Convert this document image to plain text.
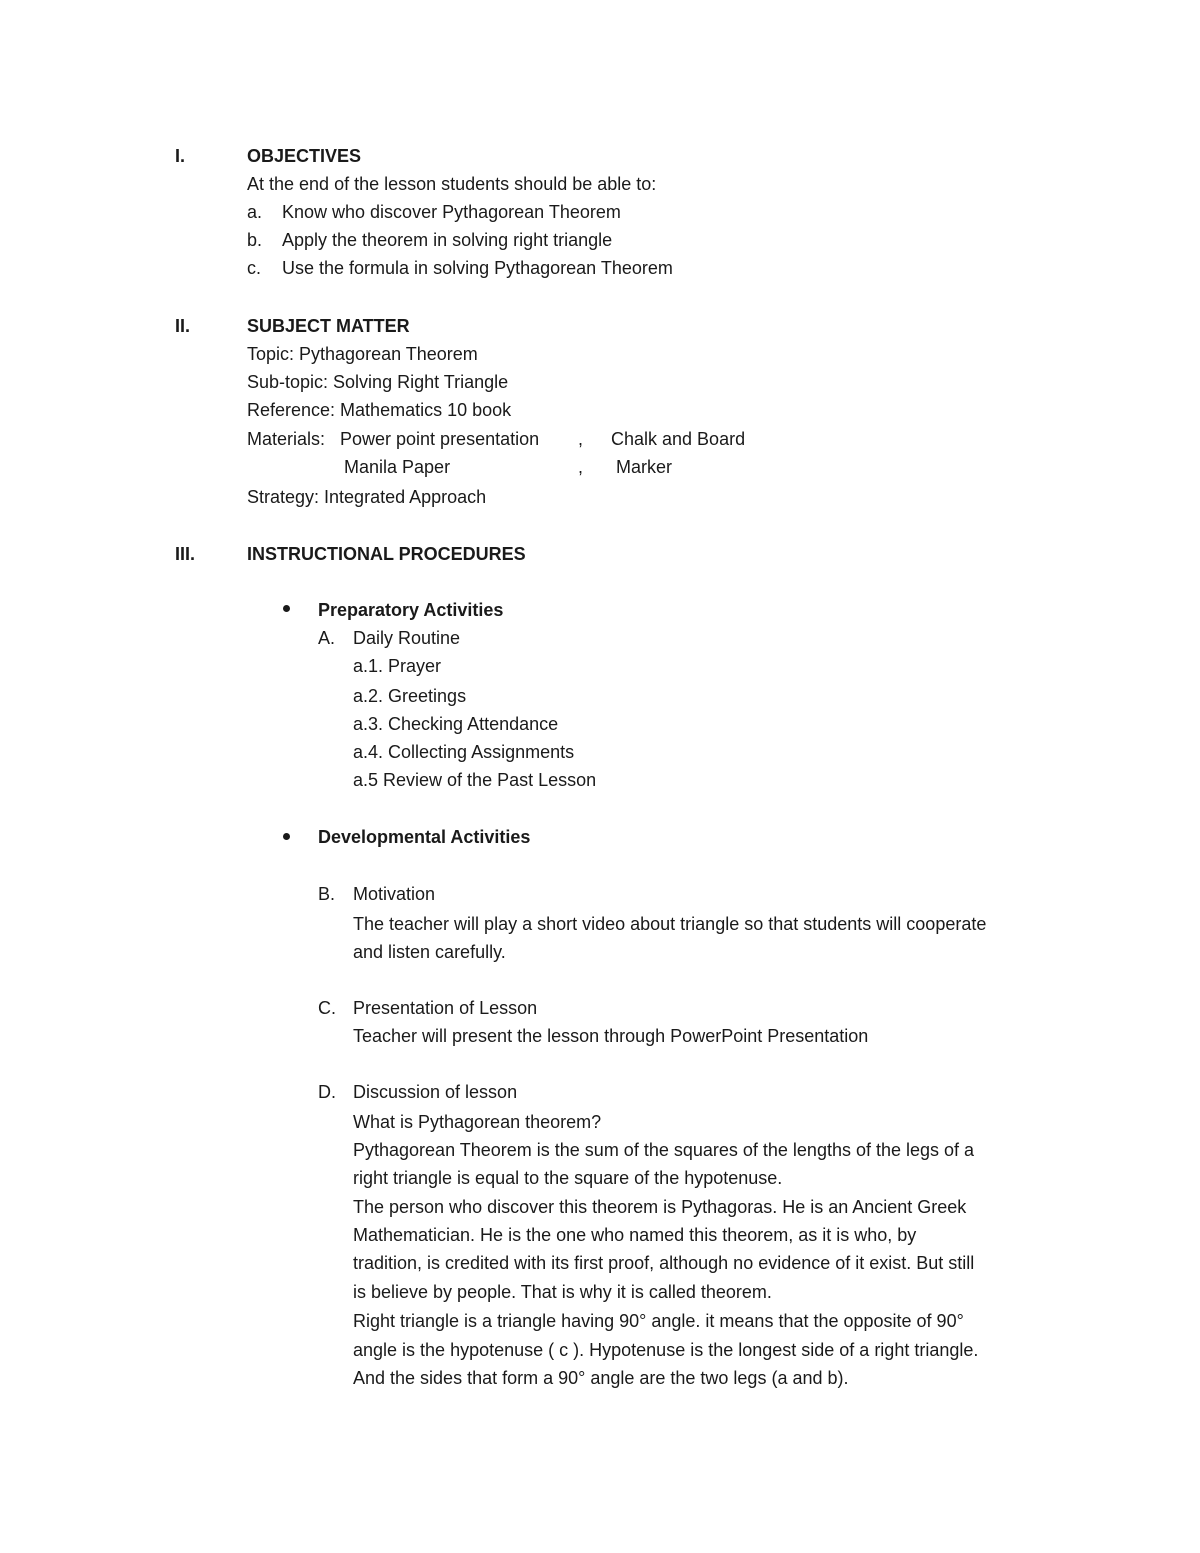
I.	OBJECTIVES
At the end of the lesson students should be able to:
a. Know who discover Pythagorean Theorem
b. Apply the theorem in solving right triangle
c. Use the formula in solving Pythagorean Theorem
II.	SUBJECT MATTER
Topic: Pythagorean Theorem
Sub-topic: Solving Right Triangle
Reference: Mathematics 10 book
Materials: Power point presentation , Chalk and Board
Manila Paper	, Marker
Strategy: Integrated Approach
III.	INSTRUCTIONAL PROCEDURES
Preparatory Activities
A. Daily Routine
a.1. Prayer
a.2. Greetings
a.3. Checking Attendance
a.4. Collecting Assignments
a.5 Review of the Past Lesson
Developmental Activities
B. Motivation
The teacher will play a short video about triangle so that students will cooperate
and listen carefully.
C. Presentation of Lesson
Teacher will present the lesson through PowerPoint Presentation
D. Discussion of lesson
What is Pythagorean theorem?
Pythagorean Theorem is the sum of the squares of the lengths of the legs of a
right triangle is equal to the square of the hypotenuse.
The person who discover this theorem is Pythagoras. He is an Ancient Greek
Mathematician. He is the one who named this theorem, as it is who, by
tradition, is credited with its first proof, although no evidence of it exist. But still
is believe by people. That is why it is called theorem.
Right triangle is a triangle having 90° angle. it means that the opposite of 90°
angle is the hypotenuse ( c ). Hypotenuse is the longest side of a right triangle.
And the sides that form a 90° angle are the two legs (a and b).
